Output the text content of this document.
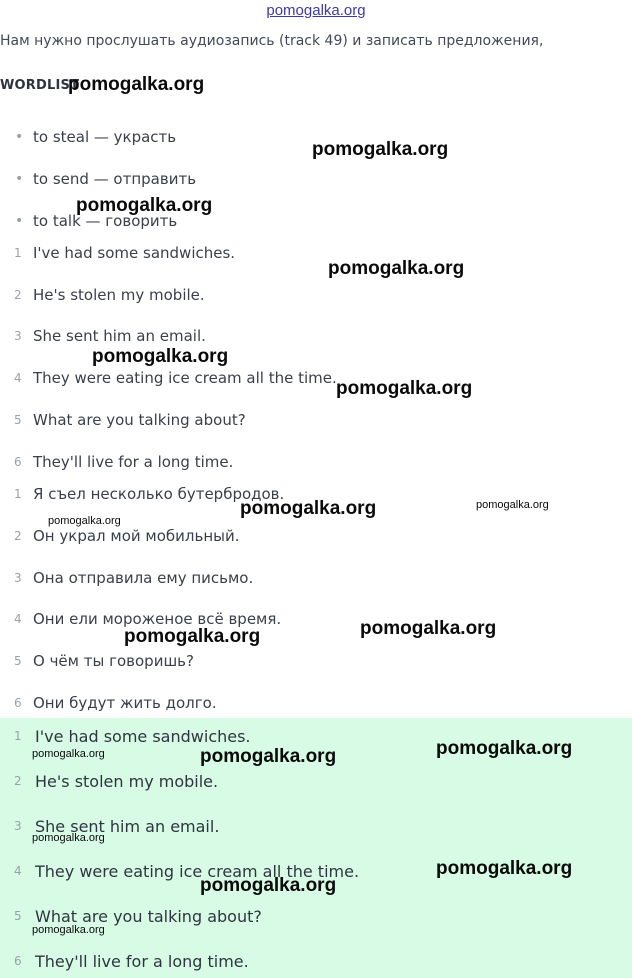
pomogalka.org
Нам нужно прослушать аудиозапись (track 49) и записать предложения,
WORDLIST
• to steal — украсть
• to send — отправить
• to talk — говорить
1 I've had some sandwiches.
2 He's stolen my mobile.
3 She sent him an email.
4 They were eating ice cream all the time.
5 What are you talking about?
6 They'll live for a long time.
1 Я съел несколько бутербродов.
2 Он украл мой мобильный.
3 Она отправила ему письмо.
4 Они ели мороженое всё время.
5 О чём ты говоришь?
6 Они будут жить долго.
1 I've had some sandwiches.
2 He's stolen my mobile.
3 She sent him an email.
4 They were eating ice cream all the time.
5 What are you talking about?
6 They'll live for a long time.
pomogalka.org
pomogalka.org
pomogalka.org
pomogalka.org
pomogalka.org
pomogalka.org
pomogalka.org	pomogalka.org
pomogalka.org
pomogalka.org	pomogalka.org
pomogalka.org	pomogalka.org	pomogalka.org
pomogalka.org
pomogalka.org
pomogalka.org
pomogalka.org
